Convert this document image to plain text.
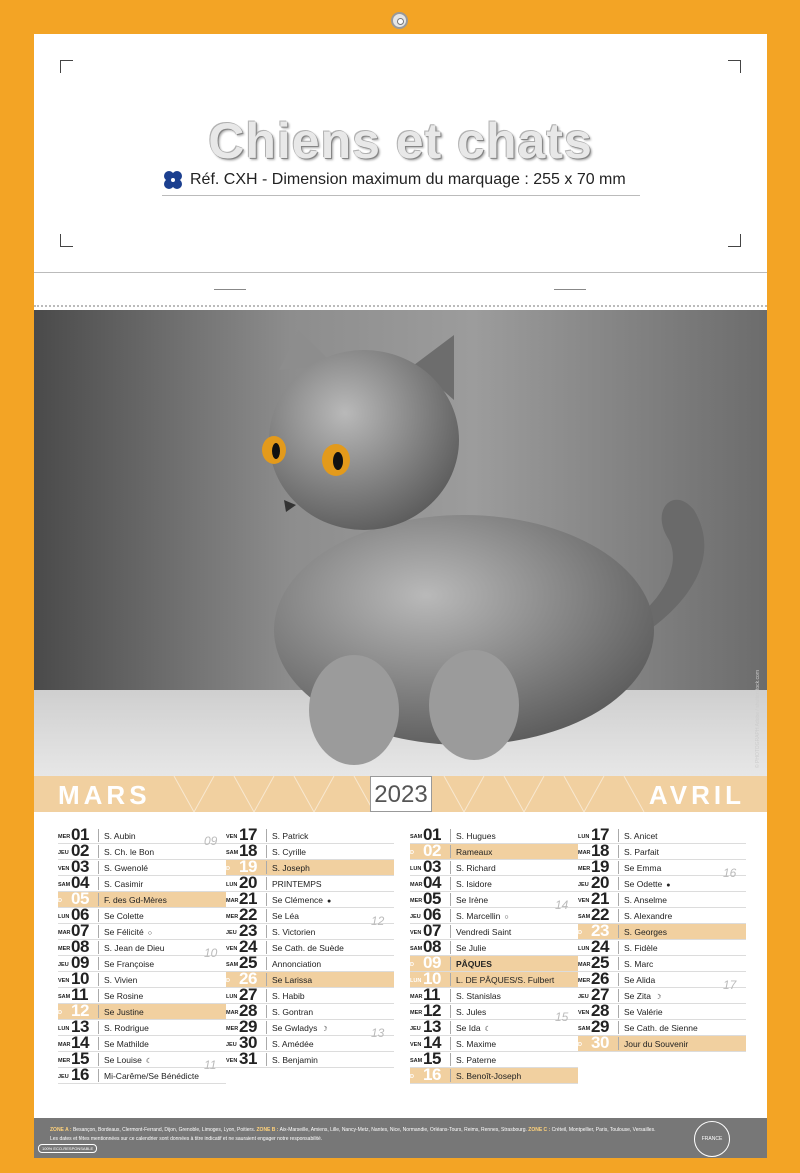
Chiens et chats
Réf. CXH - Dimension maximum du marquage : 255 x 70 mm
© PHOTOGRAPH Adobe / shutterstock.com
MARS	2023	AVRIL
MER 01 S. Aubin
JEU 02 S. Ch. le Bon
VEN 03 S. Gwenolé
SAM 04 S. Casimir
D 05 F. des Gd-Mères
LUN 06 Se Colette
MAR 07 Se Félicité ○
MER 08 S. Jean de Dieu
JEU 09 Se Françoise
VEN 10 S. Vivien
SAM 11 Se Rosine
D 12 Se Justine
LUN 13 S. Rodrigue
MAR 14 Se Mathilde
MER 15 Se Louise ☾
JEU 16 Mi-Carême/Se Bénédicte
VEN 17 S. Patrick
SAM 18 S. Cyrille
D 19 S. Joseph
LUN 20 PRINTEMPS
MAR 21 Se Clémence ●
MER 22 Se Léa
JEU 23 S. Victorien
VEN 24 Se Cath. de Suède
SAM 25 Annonciation
D 26 Se Larissa
LUN 27 S. Habib
MAR 28 S. Gontran
MER 29 Se Gwladys ☽
JEU 30 S. Amédée
VEN 31 S. Benjamin
SAM 01 S. Hugues
D 02 Rameaux
LUN 03 S. Richard
MAR 04 S. Isidore
MER 05 Se Irène
JEU 06 S. Marcellin ○
VEN 07 Vendredi Saint
SAM 08 Se Julie
D 09 PÂQUES
LUN 10 L. DE PÂQUES/S. Fulbert
MAR 11 S. Stanislas
MER 12 S. Jules
JEU 13 Se Ida ☾
VEN 14 S. Maxime
SAM 15 S. Paterne
D 16 S. Benoît-Joseph
LUN 17 S. Anicet
MAR 18 S. Parfait
MER 19 Se Emma
JEU 20 Se Odette ●
VEN 21 S. Anselme
SAM 22 S. Alexandre
D 23 S. Georges
LUN 24 S. Fidèle
MAR 25 S. Marc
MER 26 Se Alida
JEU 27 Se Zita ☽
VEN 28 Se Valérie
SAM 29 Se Cath. de Sienne
D 30 Jour du Souvenir
09
10
11
12
13
14
15
16
17
ZONE A : Besançon, Bordeaux, Clermont-Ferrand, Dijon, Grenoble, Limoges, Lyon, Poitiers. ZONE B : Aix-Marseille, Amiens, Lille, Nancy-Metz, Nantes, Nice, Normandie, Orléans-Tours, Reims, Rennes, Strasbourg. ZONE C : Créteil, Montpellier, Paris, Toulouse, Versailles.
Les dates et fêtes mentionnées sur ce calendrier sont données à titre indicatif et ne sauraient engager notre responsabilité.	FRANCE
100% ECO-RESPONSABLE
